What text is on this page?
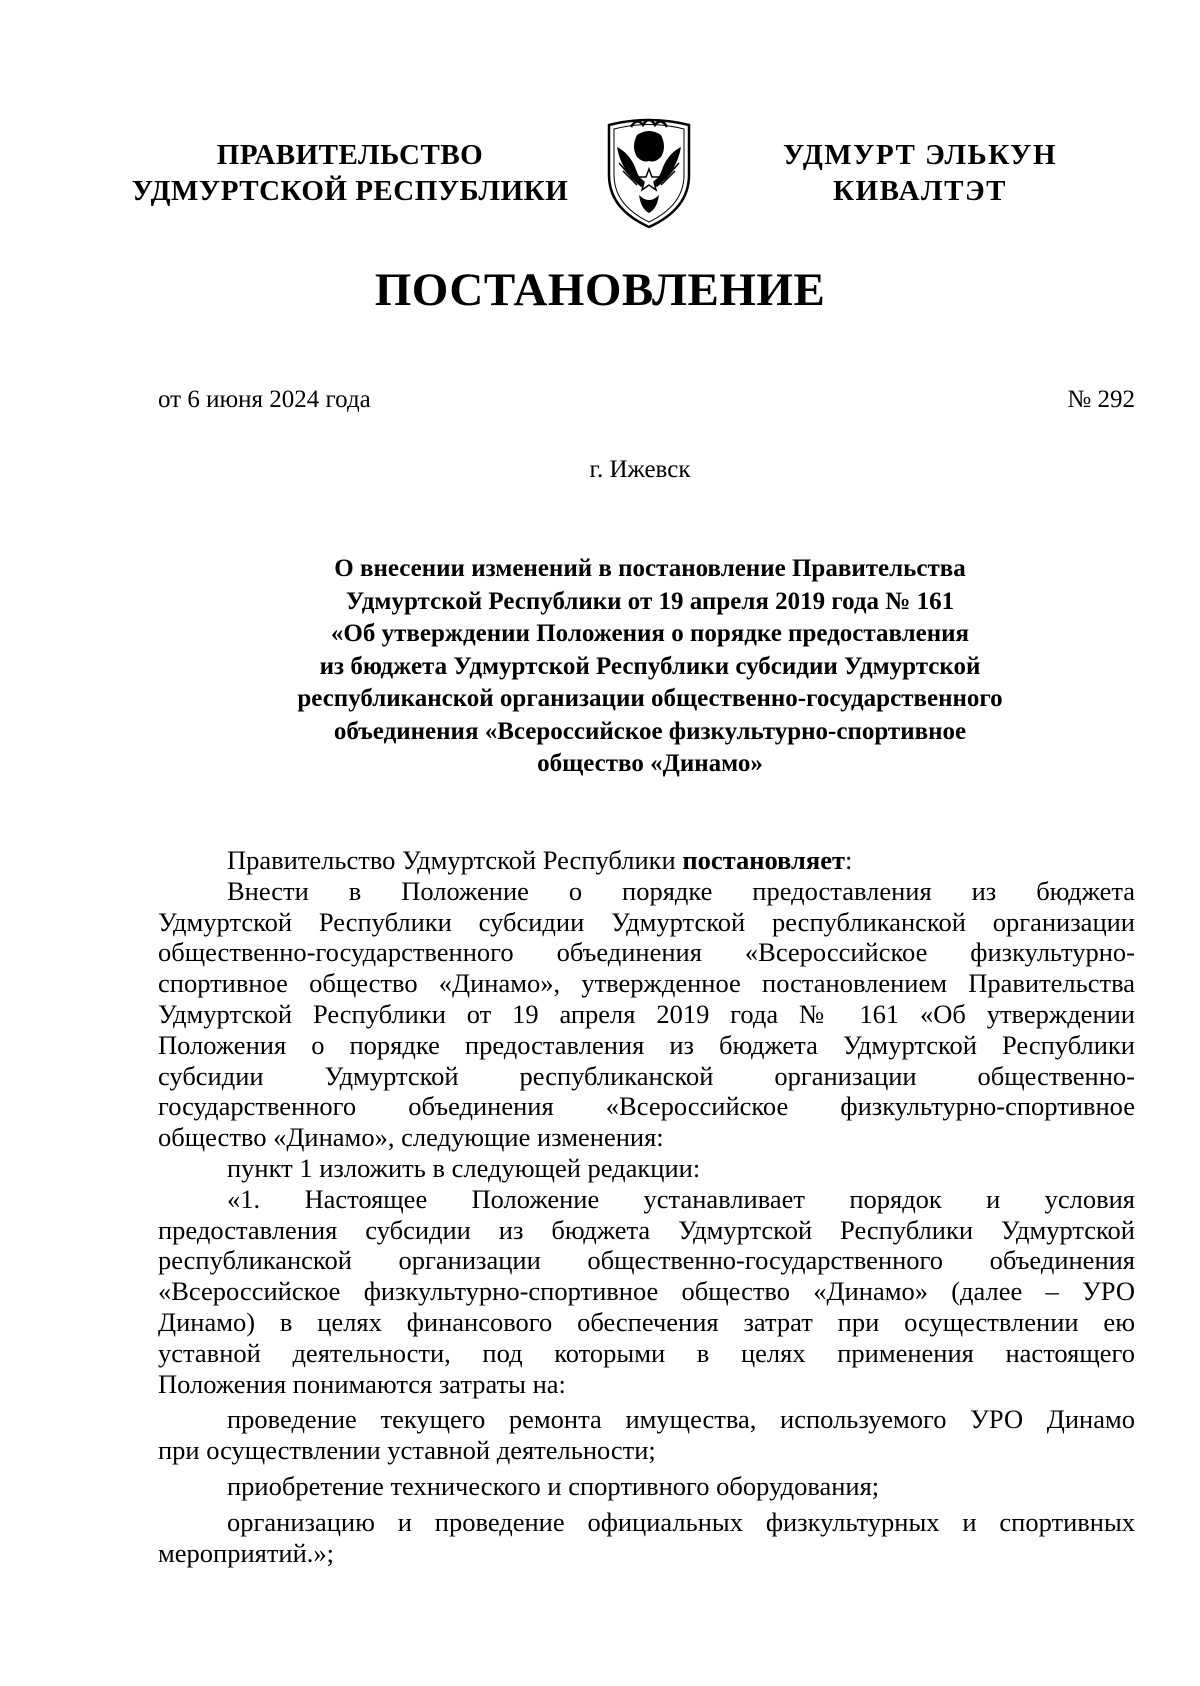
ПРАВИТЕЛЬСТВО
УДМУРТСКОЙ РЕСПУБЛИКИ
УДМУРТ ЭЛЬКУН
КИВАЛТЭТ
ПОСТАНОВЛЕНИЕ
от 6 июня 2024 года	№ 292
г. Ижевск
О внесении изменений в постановление Правительства
Удмуртской Республики от 19 апреля 2019 года № 161
«Об утверждении Положения о порядке предоставления
из бюджета Удмуртской Республики субсидии Удмуртской
республиканской организации общественно-государственного
объединения «Всероссийское физкультурно-спортивное
общество «Динамо»
Правительство Удмуртской Республики постановляет:
Внести в Положение о порядке предоставления из бюджета
Удмуртской Республики субсидии Удмуртской республиканской организации
общественно-государственного объединения «Всероссийское физкультурно-
спортивное общество «Динамо», утвержденное постановлением Правительства
Удмуртской Республики от 19 апреля 2019 года № 161 «Об утверждении
Положения о порядке предоставления из бюджета Удмуртской Республики
субсидии Удмуртской республиканской организации общественно-
государственного объединения «Всероссийское физкультурно-спортивное
общество «Динамо», следующие изменения:
пункт 1 изложить в следующей редакции:
«1. Настоящее Положение устанавливает порядок и условия
предоставления субсидии из бюджета Удмуртской Республики Удмуртской
республиканской организации общественно-государственного объединения
«Всероссийское физкультурно-спортивное общество «Динамо» (далее – УРО
Динамо) в целях финансового обеспечения затрат при осуществлении ею
уставной деятельности, под которыми в целях применения настоящего
Положения понимаются затраты на:
проведение текущего ремонта имущества, используемого УРО Динамо
при осуществлении уставной деятельности;
приобретение технического и спортивного оборудования;
организацию и проведение официальных физкультурных и спортивных
мероприятий.»;
